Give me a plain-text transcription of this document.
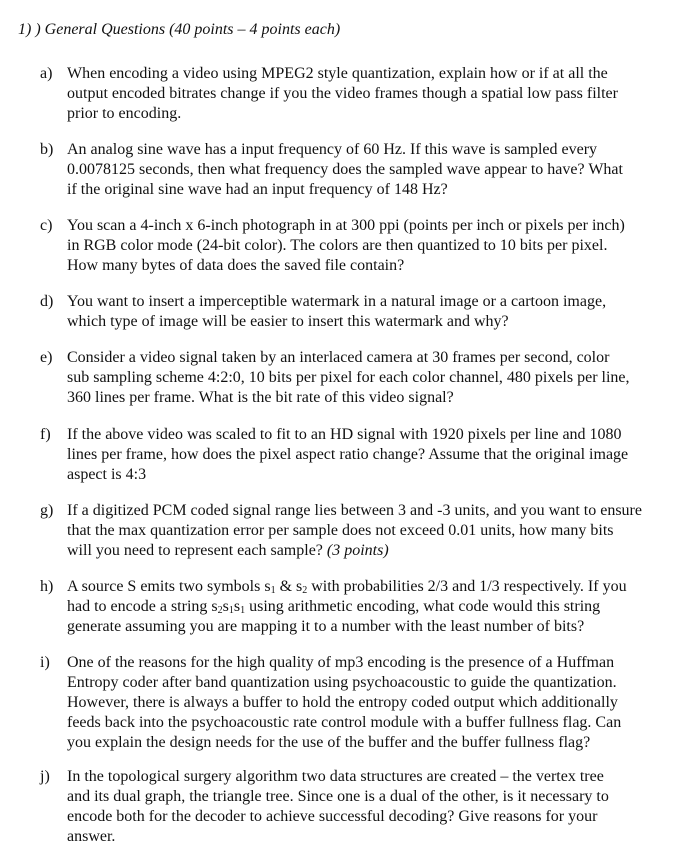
1) ) General Questions (40 points – 4 points each)
a) When encoding a video using MPEG2 style quantization, explain how or if at all the
output encoded bitrates change if you the video frames though a spatial low pass filter
prior to encoding.
b) An analog sine wave has a input frequency of 60 Hz. If this wave is sampled every
0.0078125 seconds, then what frequency does the sampled wave appear to have? What
if the original sine wave had an input frequency of 148 Hz?
c) You scan a 4-inch x 6-inch photograph in at 300 ppi (points per inch or pixels per inch)
in RGB color mode (24-bit color). The colors are then quantized to 10 bits per pixel.
How many bytes of data does the saved file contain?
d) You want to insert a imperceptible watermark in a natural image or a cartoon image,
which type of image will be easier to insert this watermark and why?
e) Consider a video signal taken by an interlaced camera at 30 frames per second, color
sub sampling scheme 4:2:0, 10 bits per pixel for each color channel, 480 pixels per line,
360 lines per frame. What is the bit rate of this video signal?
f)	If the above video was scaled to fit to an HD signal with 1920 pixels per line and 1080
lines per frame, how does the pixel aspect ratio change? Assume that the original image
aspect is 4:3
g) If a digitized PCM coded signal range lies between 3 and -3 units, and you want to ensure
that the max quantization error per sample does not exceed 0.01 units, how many bits
will you need to represent each sample? (3 points)
h) A source S emits two symbols $s_1$ & $s_2$ with probabilities 2/3 and 1/3 respectively. If you
had to encode a string $s_2s_1s_1$ using arithmetic encoding, what code would this string
generate assuming you are mapping it to a number with the least number of bits?
i)	One of the reasons for the high quality of mp3 encoding is the presence of a Huffman
Entropy coder after band quantization using psychoacoustic to guide the quantization.
However, there is always a buffer to hold the entropy coded output which additionally
feeds back into the psychoacoustic rate control module with a buffer fullness flag. Can
you explain the design needs for the use of the buffer and the buffer fullness flag?
j)	In the topological surgery algorithm two data structures are created – the vertex tree
and its dual graph, the triangle tree. Since one is a dual of the other, is it necessary to
encode both for the decoder to achieve successful decoding? Give reasons for your
answer.
